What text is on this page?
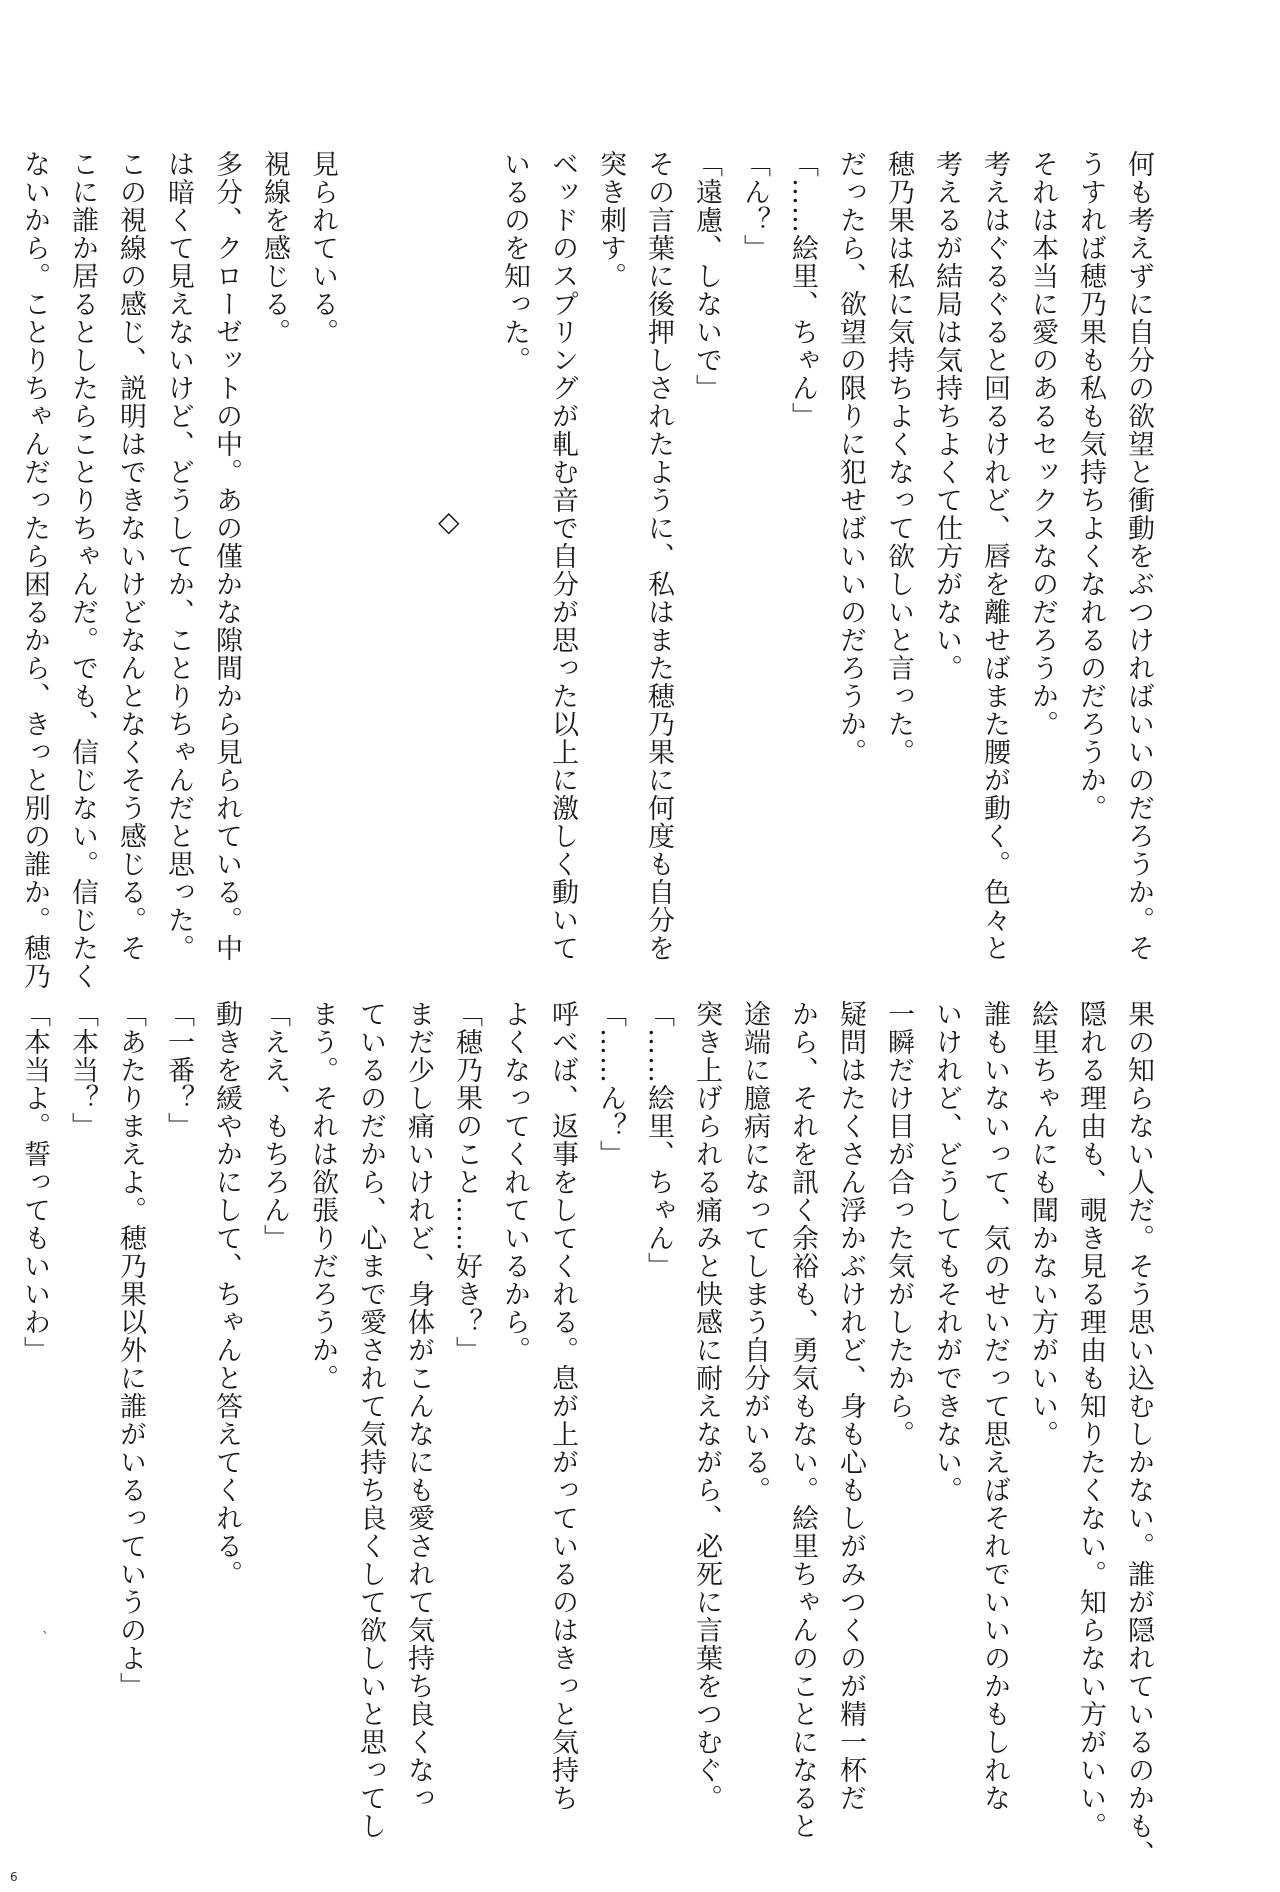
何も考えずに自分の欲望と衝動をぶつければいいのだろうか。そ
うすれば穂乃果も私も気持ちよくなれるのだろうか。
それは本当に愛のあるセックスなのだろうか。
考えはぐるぐると回るけれど、唇を離せばまた腰が動く。色々と
考えるが結局は気持ちよくて仕方がない。
穂乃果は私に気持ちよくなって欲しいと言った。
だったら、欲望の限りに犯せばいいのだろうか。
「……絵里、ちゃん」
「ん？」
「遠慮、しないで」
その言葉に後押しされたように、私はまた穂乃果に何度も自分を
突き刺す。
ベッドのスプリングが軋む音で自分が思った以上に激しく動いて
いるのを知った。

見られている。
視線を感じる。
多分、クローゼットの中。あの僅かな隙間から見られている。中
は暗くて見えないけど、どうしてか、ことりちゃんだと思った。
この視線の感じ、説明はできないけどなんとなくそう感じる。そ
こに誰か居るとしたらことりちゃんだ。でも、信じない。信じたく
ないから。ことりちゃんだったら困るから、きっと別の誰か。穂乃	◇
果の知らない人だ。そう思い込むしかない。誰が隠れているのかも、
隠れる理由も、覗き見る理由も知りたくない。知らない方がいい。
絵里ちゃんにも聞かない方がいい。
誰もいないって、気のせいだって思えばそれでいいのかもしれな
いけれど、どうしてもそれができない。
一瞬だけ目が合った気がしたから。
疑問はたくさん浮かぶけれど、身も心もしがみつくのが精一杯だ
から、それを訊く余裕も、勇気もない。絵里ちゃんのことになると
途端に臆病になってしまう自分がいる。
突き上げられる痛みと快感に耐えながら、必死に言葉をつむぐ。
「……絵里、ちゃん」
「……ん？」
呼べば、返事をしてくれる。息が上がっているのはきっと気持ち
よくなってくれているから。
「穂乃果のこと……好き？」
まだ少し痛いけれど、身体がこんなにも愛されて気持ち良くなっ
ているのだから、心まで愛されて気持ち良くして欲しいと思ってし
まう。それは欲張りだろうか。
「ええ、もちろん」
動きを緩やかにして、ちゃんと答えてくれる。
「一番？」
「あたりまえよ。穂乃果以外に誰がいるっていうのよ」
「本当？」
「本当よ。誓ってもいいわ」
ˎ
6
